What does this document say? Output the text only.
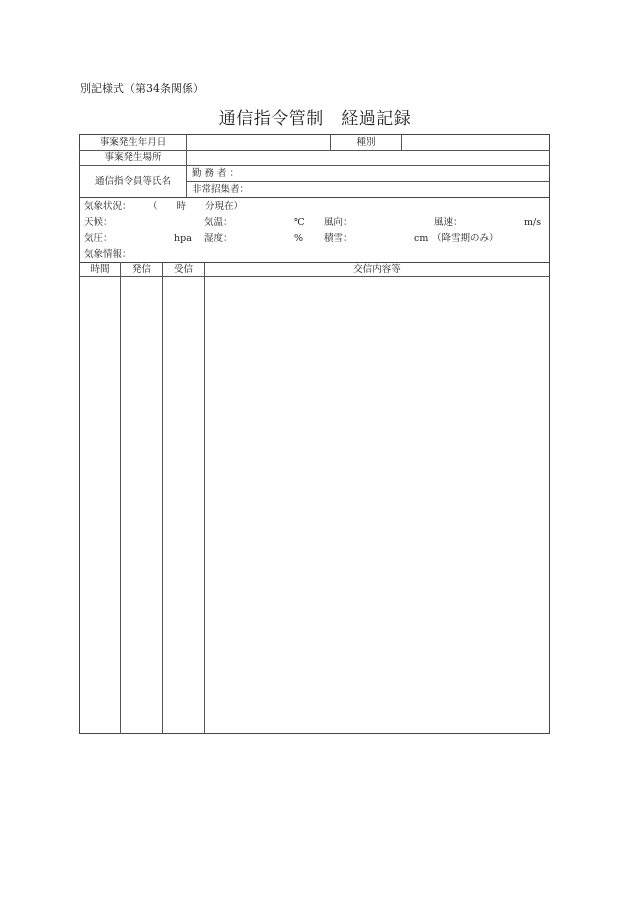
別記様式（第34条関係）
通信指令管制　経過記録
事案発生年月日	種別
事案発生場所
通信指令員等氏名
勤 務 者 ：
非常招集者：
気象状況： （　　時　　分現在）
天候：	気温：	℃ 風向：	風速：	m/s
気圧：	hpa 湿度：	% 積雪：	cm （降雪期のみ）
気象情報：
時間	発信	受信	交信内容等
